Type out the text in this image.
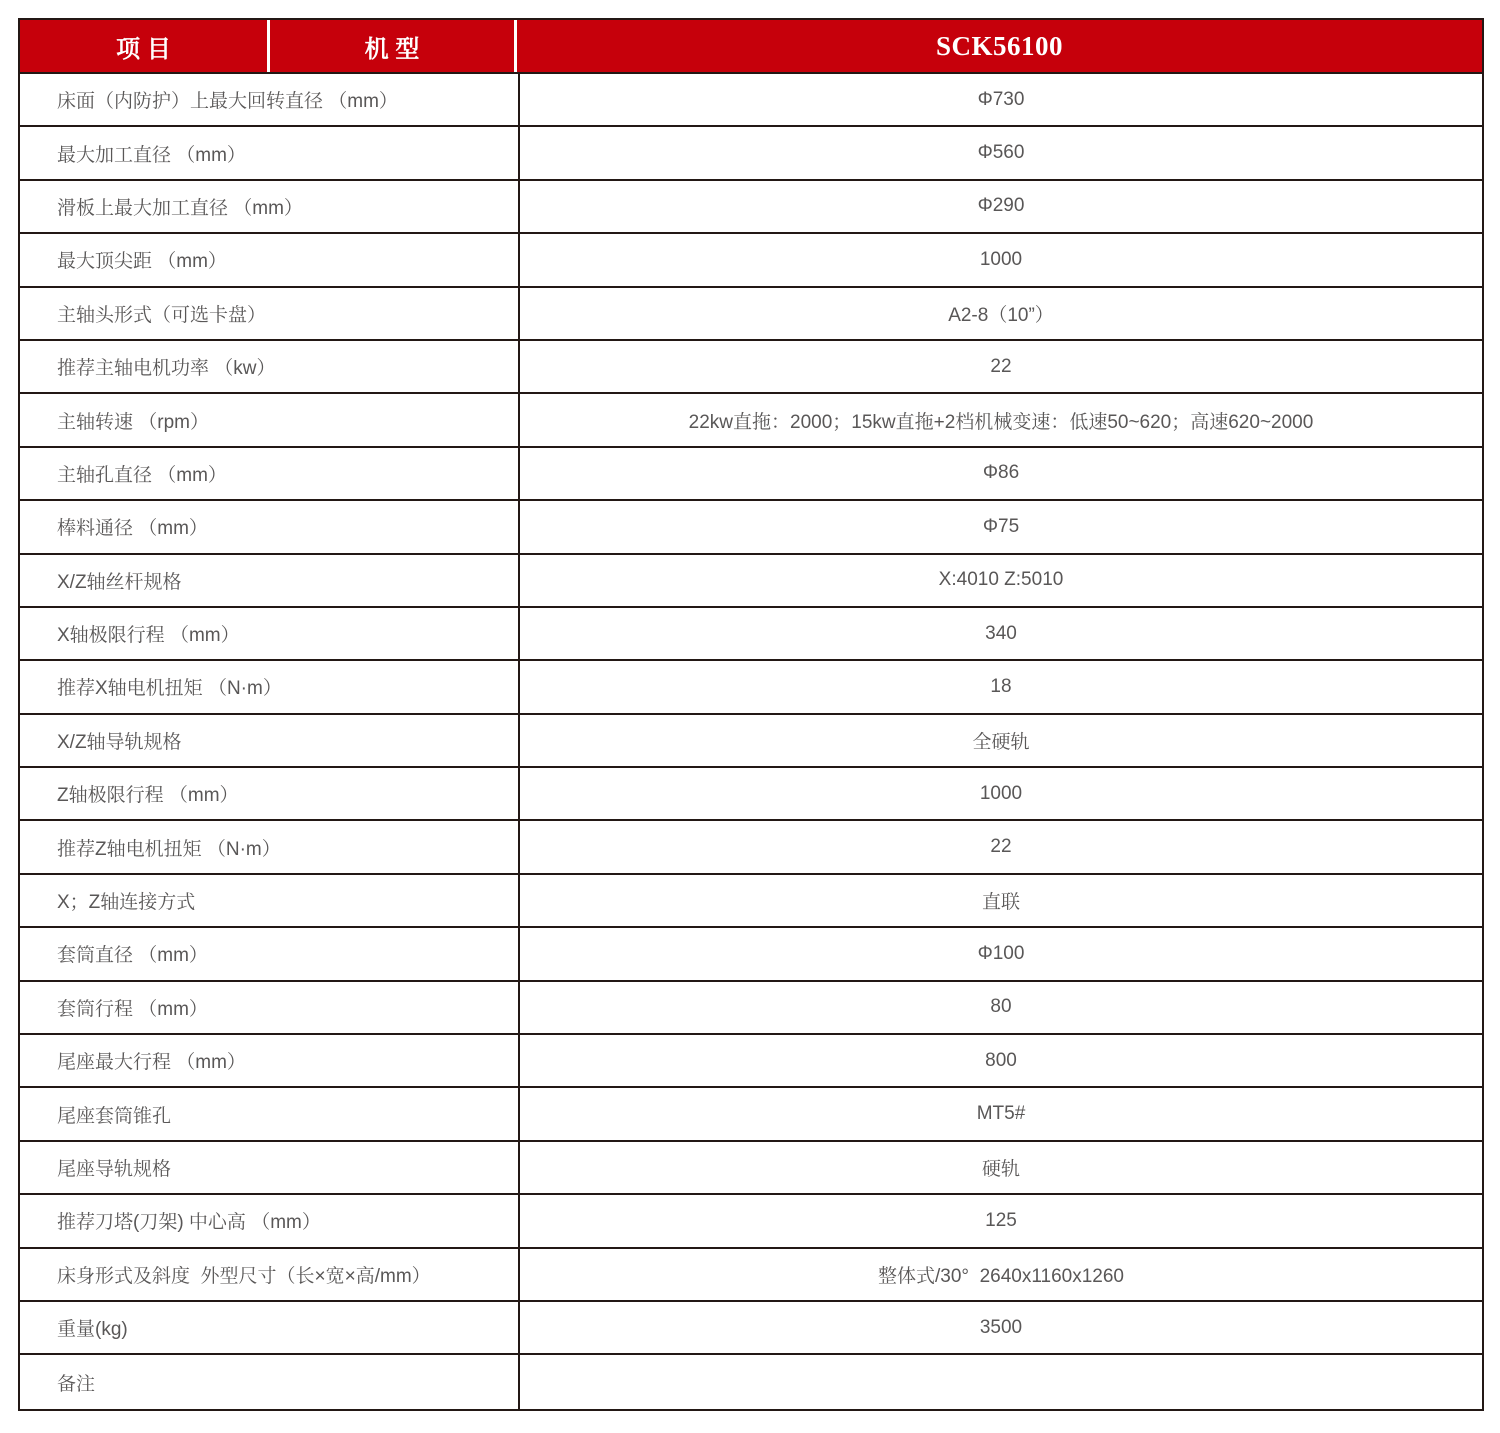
项 目	机 型	SCK56100
床面（内防护）上最大回转直径 （mm）	Φ730
最大加工直径 （mm）	Φ560
滑板上最大加工直径 （mm）	Φ290
最大顶尖距 （mm）	1000
主轴头形式（可选卡盘）	A2-8（10”）
推荐主轴电机功率 （kw）	22
主轴转速 （rpm）	22kw直拖：2000；15kw直拖+2档机械变速：低速50~620；高速620~2000
主轴孔直径 （mm）	Φ86
棒料通径 （mm）	Φ75
X/Z轴丝杆规格	X:4010 Z:5010
X轴极限行程 （mm）	340
推荐X轴电机扭矩 （N·m）	18
X/Z轴导轨规格	全硬轨
Z轴极限行程 （mm）	1000
推荐Z轴电机扭矩 （N·m）	22
X；Z轴连接方式	直联
套筒直径 （mm）	Φ100
套筒行程 （mm）	80
尾座最大行程 （mm）	800
尾座套筒锥孔	MT5#
尾座导轨规格	硬轨
推荐刀塔(刀架) 中心高 （mm）	125
床身形式及斜度  外型尺寸（长×宽×高/mm）	整体式/30°  2640x1160x1260
重量(kg)	3500
备注
